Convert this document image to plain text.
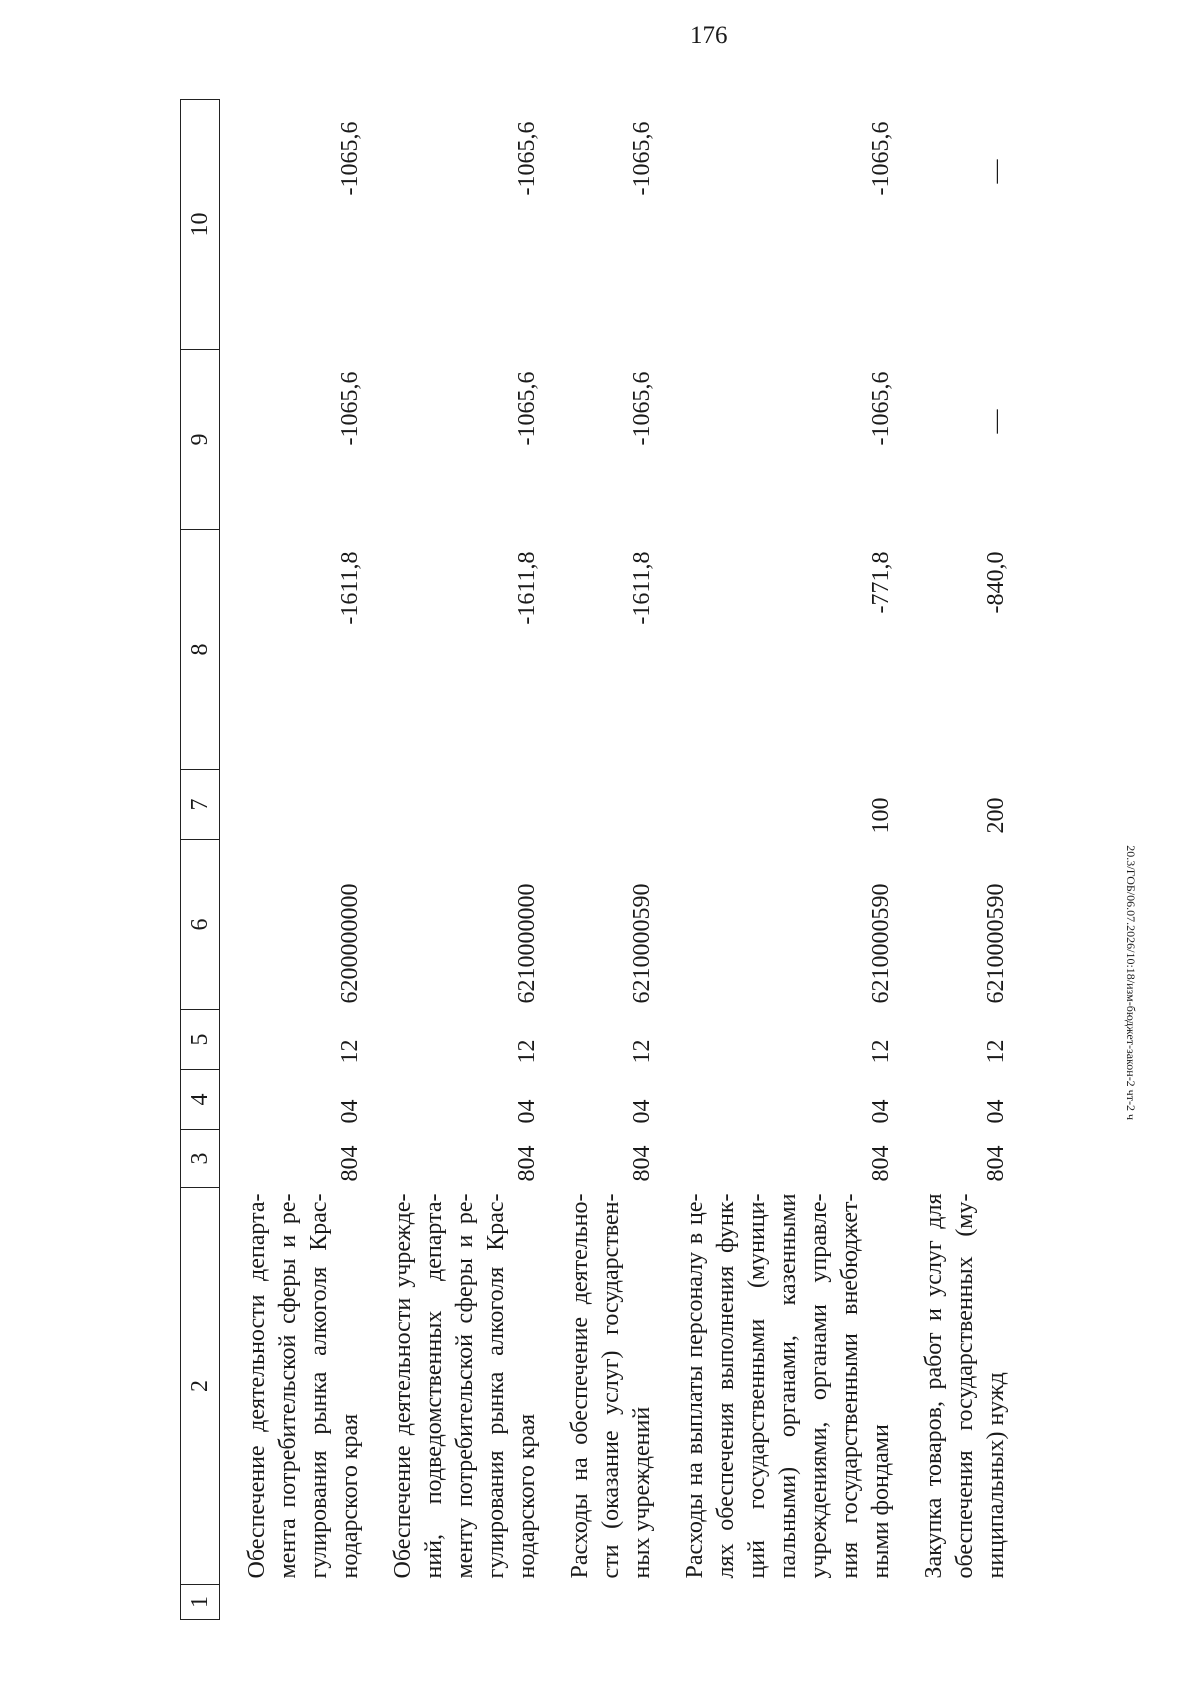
176
20.3/ГОБ/06.07.2026/10:18/изм-бюджет-закон-2 чт-2 ч
1	2	3	4	5	6	7	8	9	10
	Обеспечение деятельности департа-мента потребительской сферы и ре-гулирования рынка алкоголя Крас-нодарского края	804	04	12	6200000000		-1611,8	-1065,6	-1065,6
	Обеспечение деятельности учрежде-ний, подведомственных департа-менту потребительской сферы и ре-гулирования рынка алкоголя Крас-нодарского края	804	04	12	6210000000		-1611,8	-1065,6	-1065,6
	Расходы на обеспечение деятельно-сти (оказание услуг) государствен-ных учреждений	804	04	12	6210000590		-1611,8	-1065,6	-1065,6
	Расходы на выплаты персоналу в це-лях обеспечения выполнения функ-ций государственными (муници-пальными) органами, казенными учреждениями, органами управле-ния государственными внебюджет-ными фондами	804	04	12	6210000590	100	-771,8	-1065,6	-1065,6
	Закупка товаров, работ и услуг для обеспечения государственных (му-ниципальных) нужд	804	04	12	6210000590	200	-840,0	—	—
